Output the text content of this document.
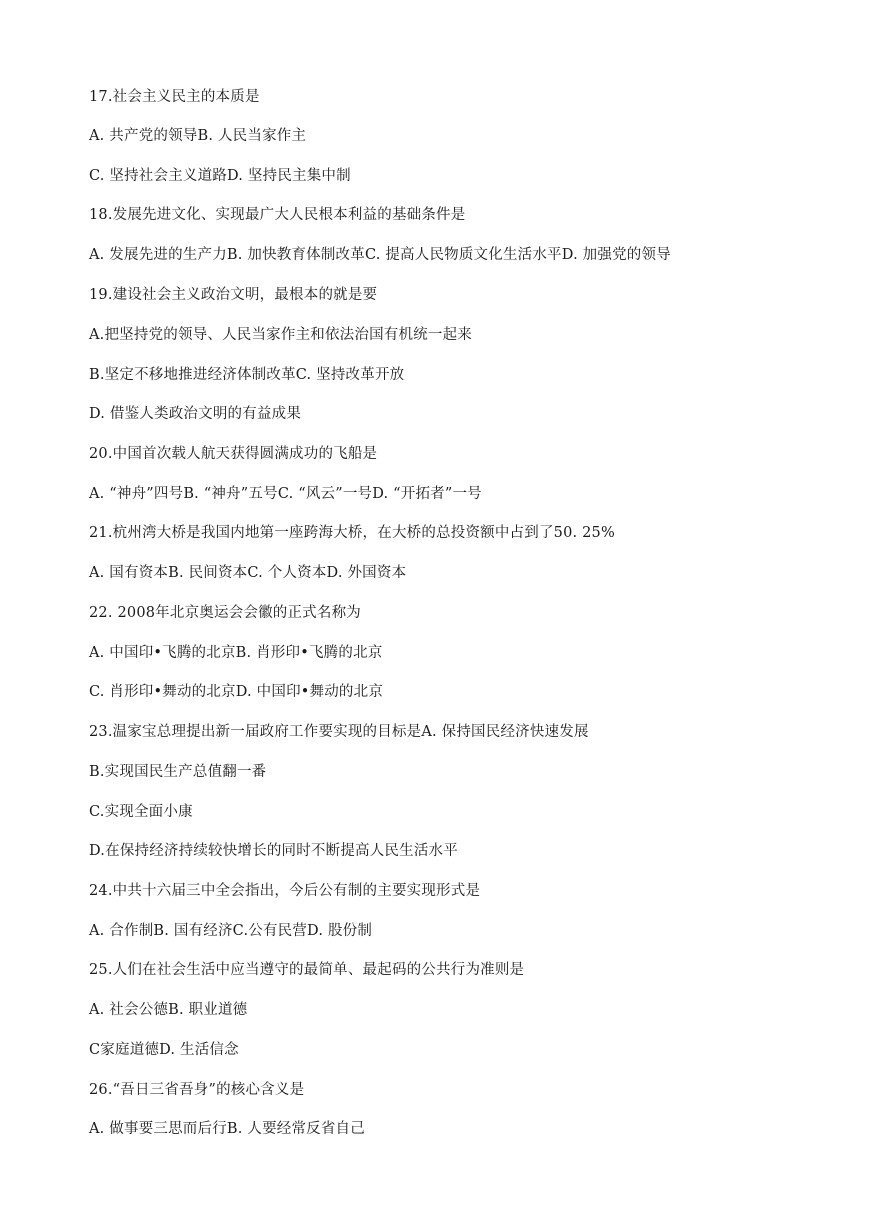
17.社会主义民主的本质是
A. 共产党的领导B. 人民当家作主
C. 坚持社会主义道路D. 坚持民主集中制
18.发展先进文化、实现最广大人民根本利益的基础条件是
A. 发展先进的生产力B. 加快教育体制改革C. 提高人民物质文化生活水平D. 加强党的领导
19.建设社会主义政治文明，最根本的就是要
A.把坚持党的领导、人民当家作主和依法治国有机统一起来
B.坚定不移地推进经济体制改革C. 坚持改革开放
D. 借鉴人类政治文明的有益成果
20.中国首次载人航天获得圆满成功的飞船是
A. “神舟”四号B. “神舟”五号C. “风云”一号D. “开拓者”一号
21.杭州湾大桥是我国内地第一座跨海大桥，在大桥的总投资额中占到了50. 25%
A. 国有资本B. 民间资本C. 个人资本D. 外国资本
22. 2008年北京奥运会会徽的正式名称为
A. 中国印•飞腾的北京B. 肖形印•飞腾的北京
C. 肖形印•舞动的北京D. 中国印•舞动的北京
23.温家宝总理提出新一届政府工作要实现的目标是A. 保持国民经济快速发展
B.实现国民生产总值翻一番
C.实现全面小康
D.在保持经济持续较快增长的同时不断提高人民生活水平
24.中共十六届三中全会指出，今后公有制的主要实现形式是
A. 合作制B. 国有经济C.公有民营D. 股份制
25.人们在社会生活中应当遵守的最简单、最起码的公共行为准则是
A. 社会公德B. 职业道德
C家庭道德D. 生活信念
26.“吾日三省吾身”的核心含义是
A. 做事要三思而后行B. 人要经常反省自己
